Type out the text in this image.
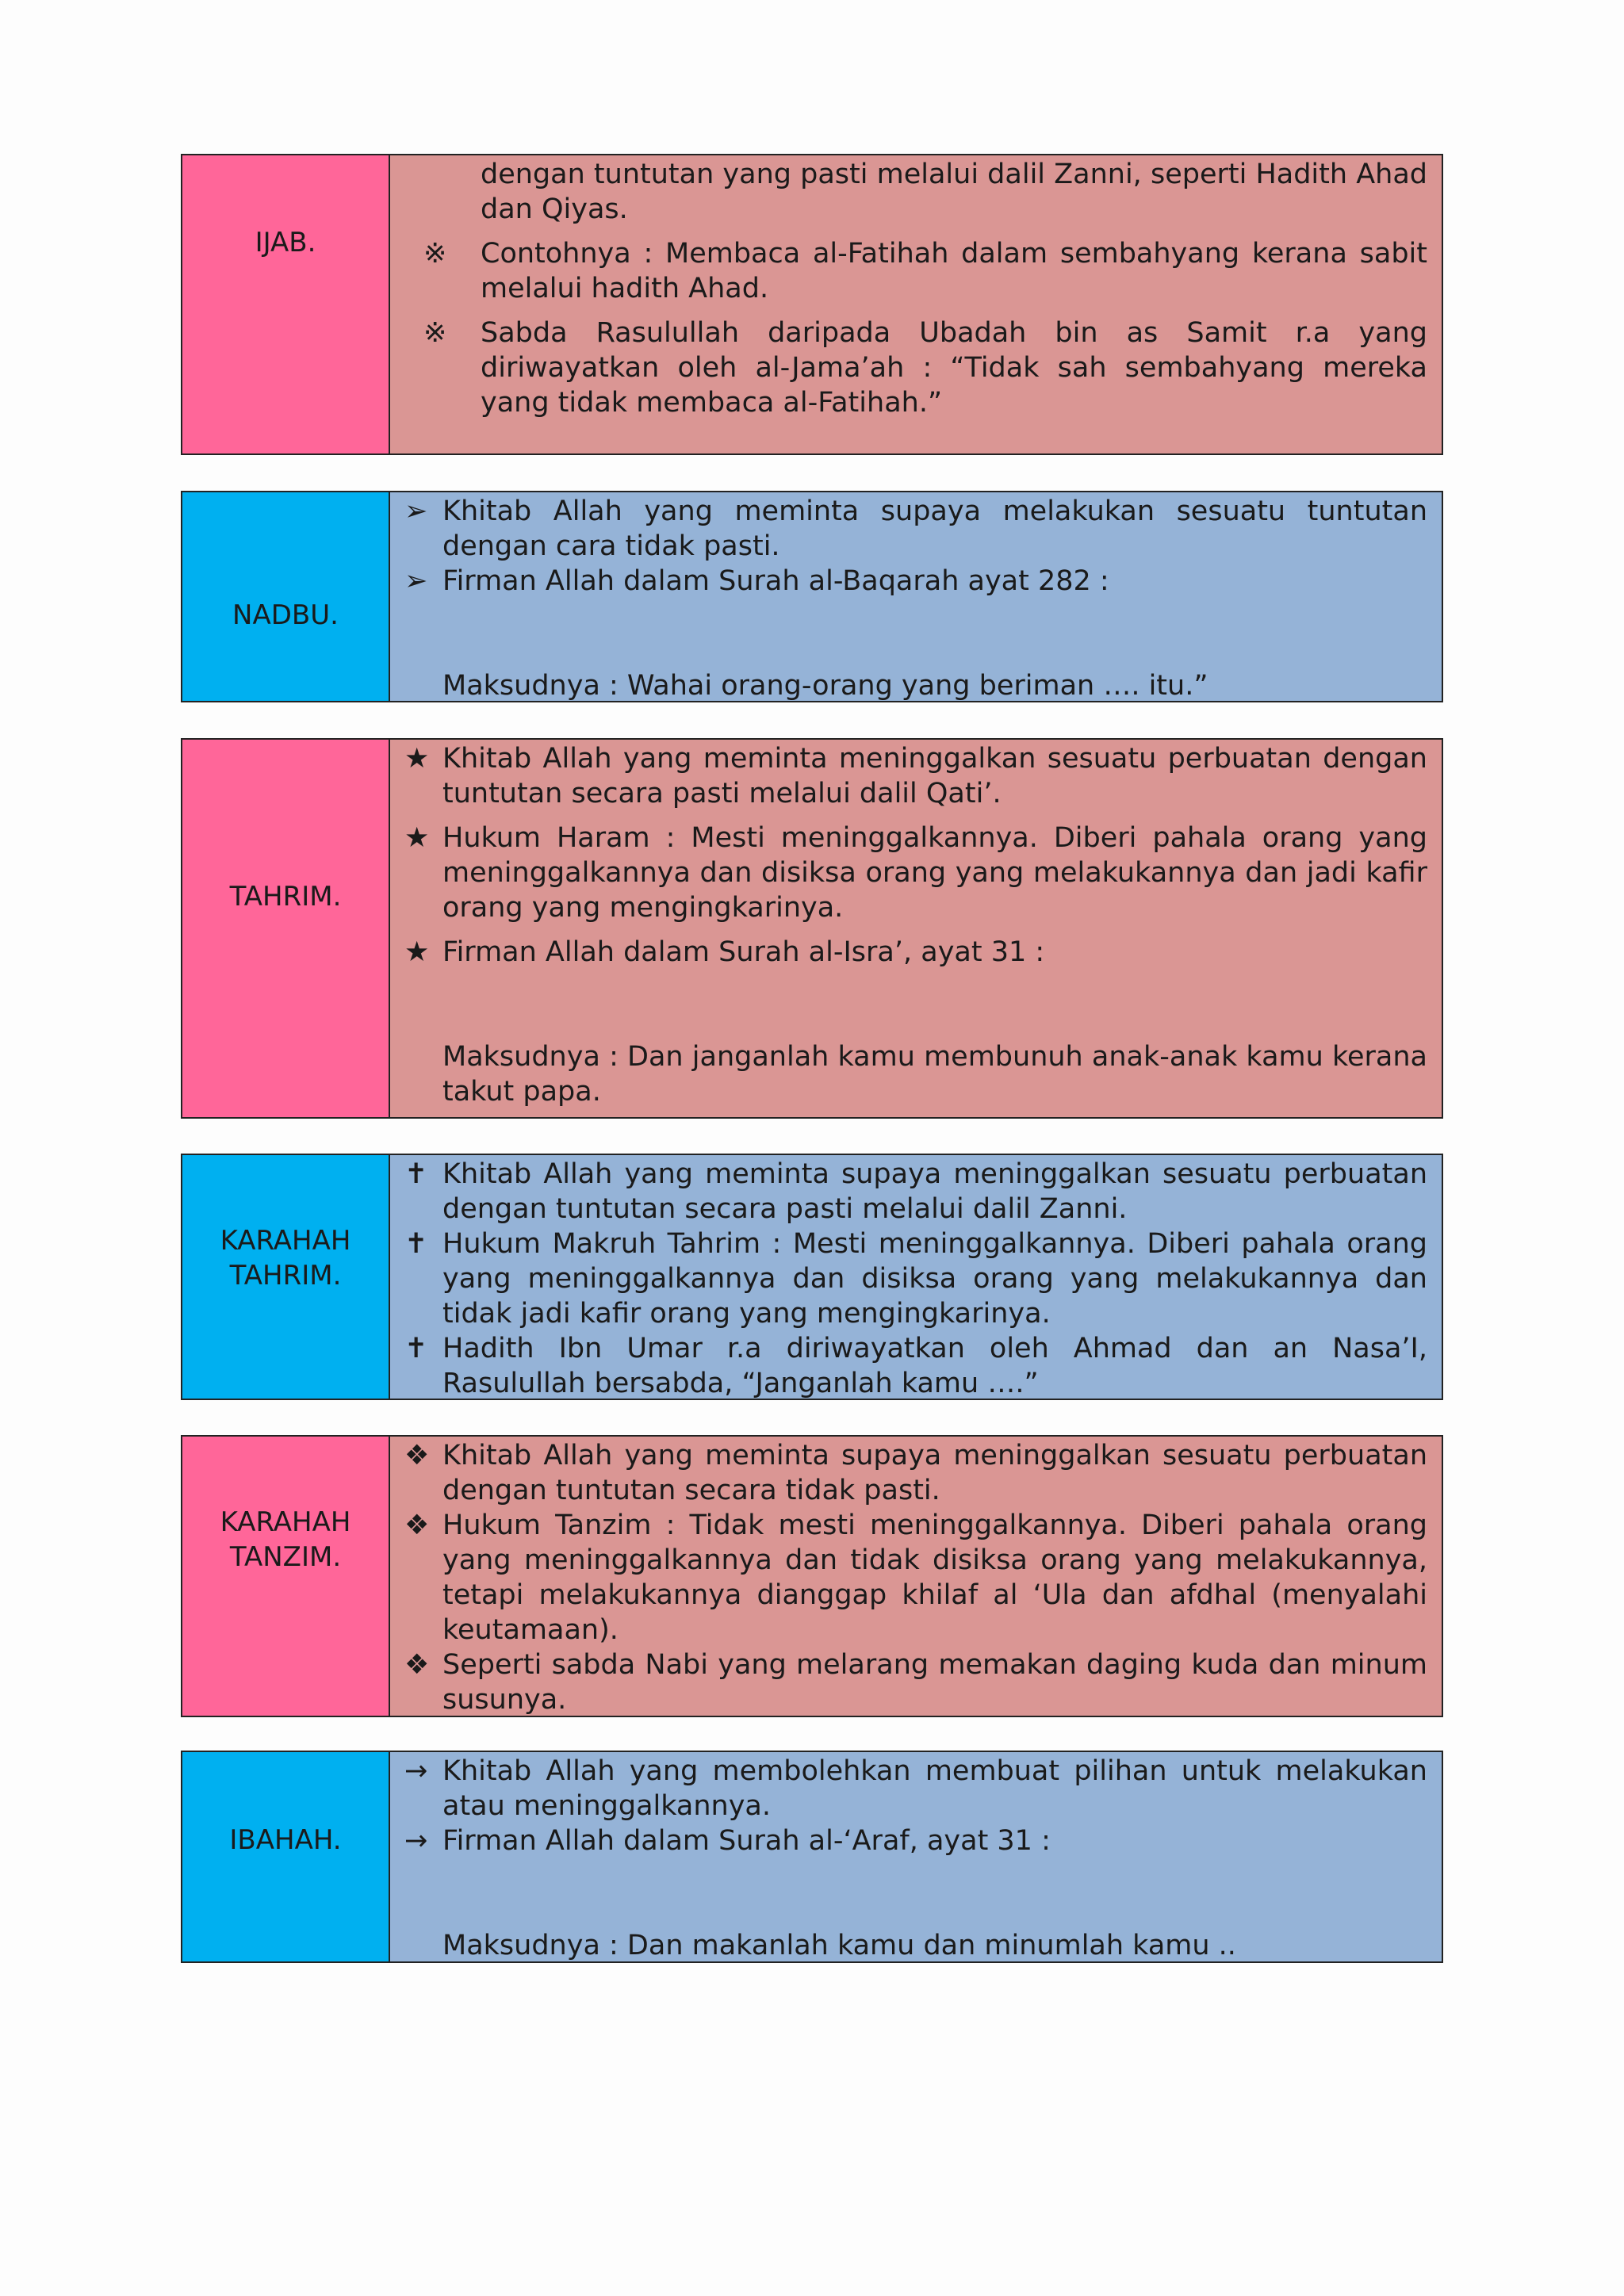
IJAB.
dengan tuntutan yang pasti melalui dalil Zanni, seperti Hadith Ahad dan Qiyas.
※	Contohnya : Membaca al-Fatihah dalam sembahyang kerana sabit melalui hadith Ahad.
※	Sabda Rasulullah daripada Ubadah bin as Samit r.a yang diriwayatkan oleh al-Jama’ah : “Tidak sah sembahyang mereka yang tidak membaca al-Fatihah.”
NADBU.
➢ Khitab Allah yang meminta supaya melakukan sesuatu tuntutan dengan cara tidak pasti.
➢ Firman Allah dalam Surah al-Baqarah ayat 282 :
Maksudnya : Wahai orang-orang yang beriman …. itu.”
TAHRIM.
★ Khitab Allah yang meminta meninggalkan sesuatu perbuatan dengan tuntutan secara pasti melalui dalil Qati’.
★ Hukum Haram : Mesti meninggalkannya. Diberi pahala orang yang meninggalkannya dan disiksa orang yang melakukannya dan jadi kafir orang yang mengingkarinya.
★ Firman Allah dalam Surah al-Isra’, ayat 31 :
Maksudnya : Dan janganlah kamu membunuh anak-anak kamu kerana takut papa.
KARAHAH
TAHRIM.
✝ Khitab Allah yang meminta supaya meninggalkan sesuatu perbuatan dengan tuntutan secara pasti melalui dalil Zanni.
✝ Hukum Makruh Tahrim : Mesti meninggalkannya. Diberi pahala orang yang meninggalkannya dan disiksa orang yang melakukannya dan tidak jadi kafir orang yang mengingkarinya.
✝ Hadith Ibn Umar r.a diriwayatkan oleh Ahmad dan an Nasa’I, Rasulullah bersabda, “Janganlah kamu ….”
KARAHAH
TANZIM.
❖ Khitab Allah yang meminta supaya meninggalkan sesuatu perbuatan dengan tuntutan secara tidak pasti.
❖ Hukum Tanzim : Tidak mesti meninggalkannya. Diberi pahala orang yang meninggalkannya dan tidak disiksa orang yang melakukannya, tetapi melakukannya dianggap khilaf al ‘Ula dan afdhal (menyalahi keutamaan).
❖ Seperti sabda Nabi yang melarang memakan daging kuda dan minum susunya.
IBAHAH.
→ Khitab Allah yang membolehkan membuat pilihan untuk melakukan atau meninggalkannya.
→ Firman Allah dalam Surah al-‘Araf, ayat 31 :
Maksudnya : Dan makanlah kamu dan minumlah kamu ..
